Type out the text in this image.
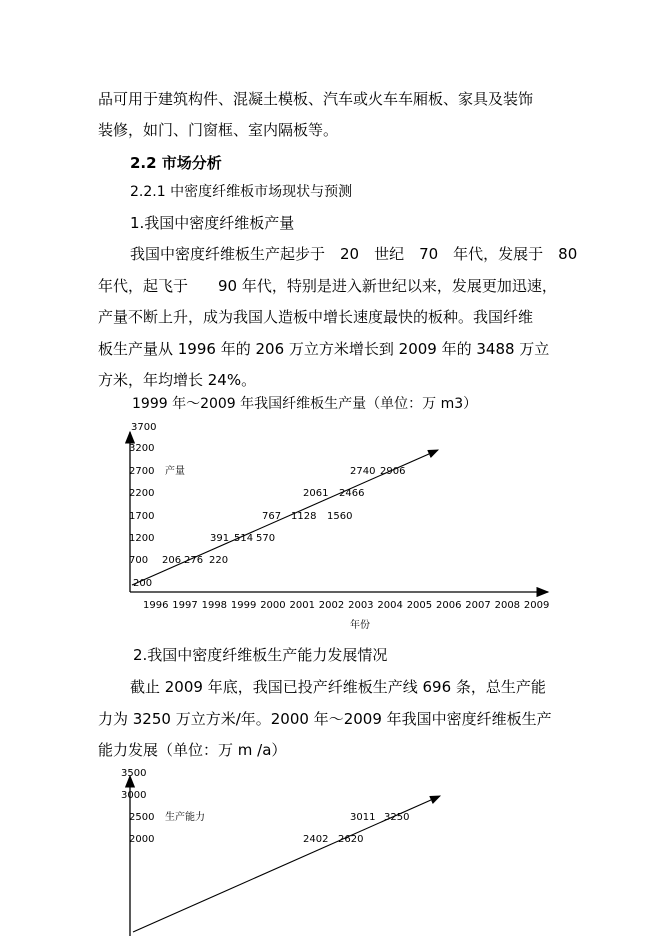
品可用于建筑构件、混凝土模板、汽车或火车车厢板、家具及装饰
装修，如门、门窗框、室内隔板等。
2.2 市场分析
2.2.1 中密度纤维板市场现状与预测
1.我国中密度纤维板产量
我国中密度纤维板生产起步于　20　世纪　70　年代，发展于　80
年代，起飞于　　90 年代，特别是进入新世纪以来，发展更加迅速，
产量不断上升，成为我国人造板中增长速度最快的板种。我国纤维
板生产量从 1996 年的 206 万立方米增长到 2009 年的 3488 万立
方米，年均增长 24%。
1999 年～2009 年我国纤维板生产量（单位：万 m3）
3700
3200
2700
2200
1700
1200
700
200
1996 1997 1998 1999 2000 2001 2002 2003 2004 2005 2006 2007 2008 2009
206 276 220
391 514 570
767 1128 1560
2061 2466
2740 2906
产量
年份
2.我国中密度纤维板生产能力发展情况
截止 2009 年底，我国已投产纤维板生产线 696 条，总生产能
力为 3250 万立方米/年。2000 年～2009 年我国中密度纤维板生产
能力发展（单位：万 m /a）
3500
3000
2500
2000	2402 2620
3011 3250
生产能力
